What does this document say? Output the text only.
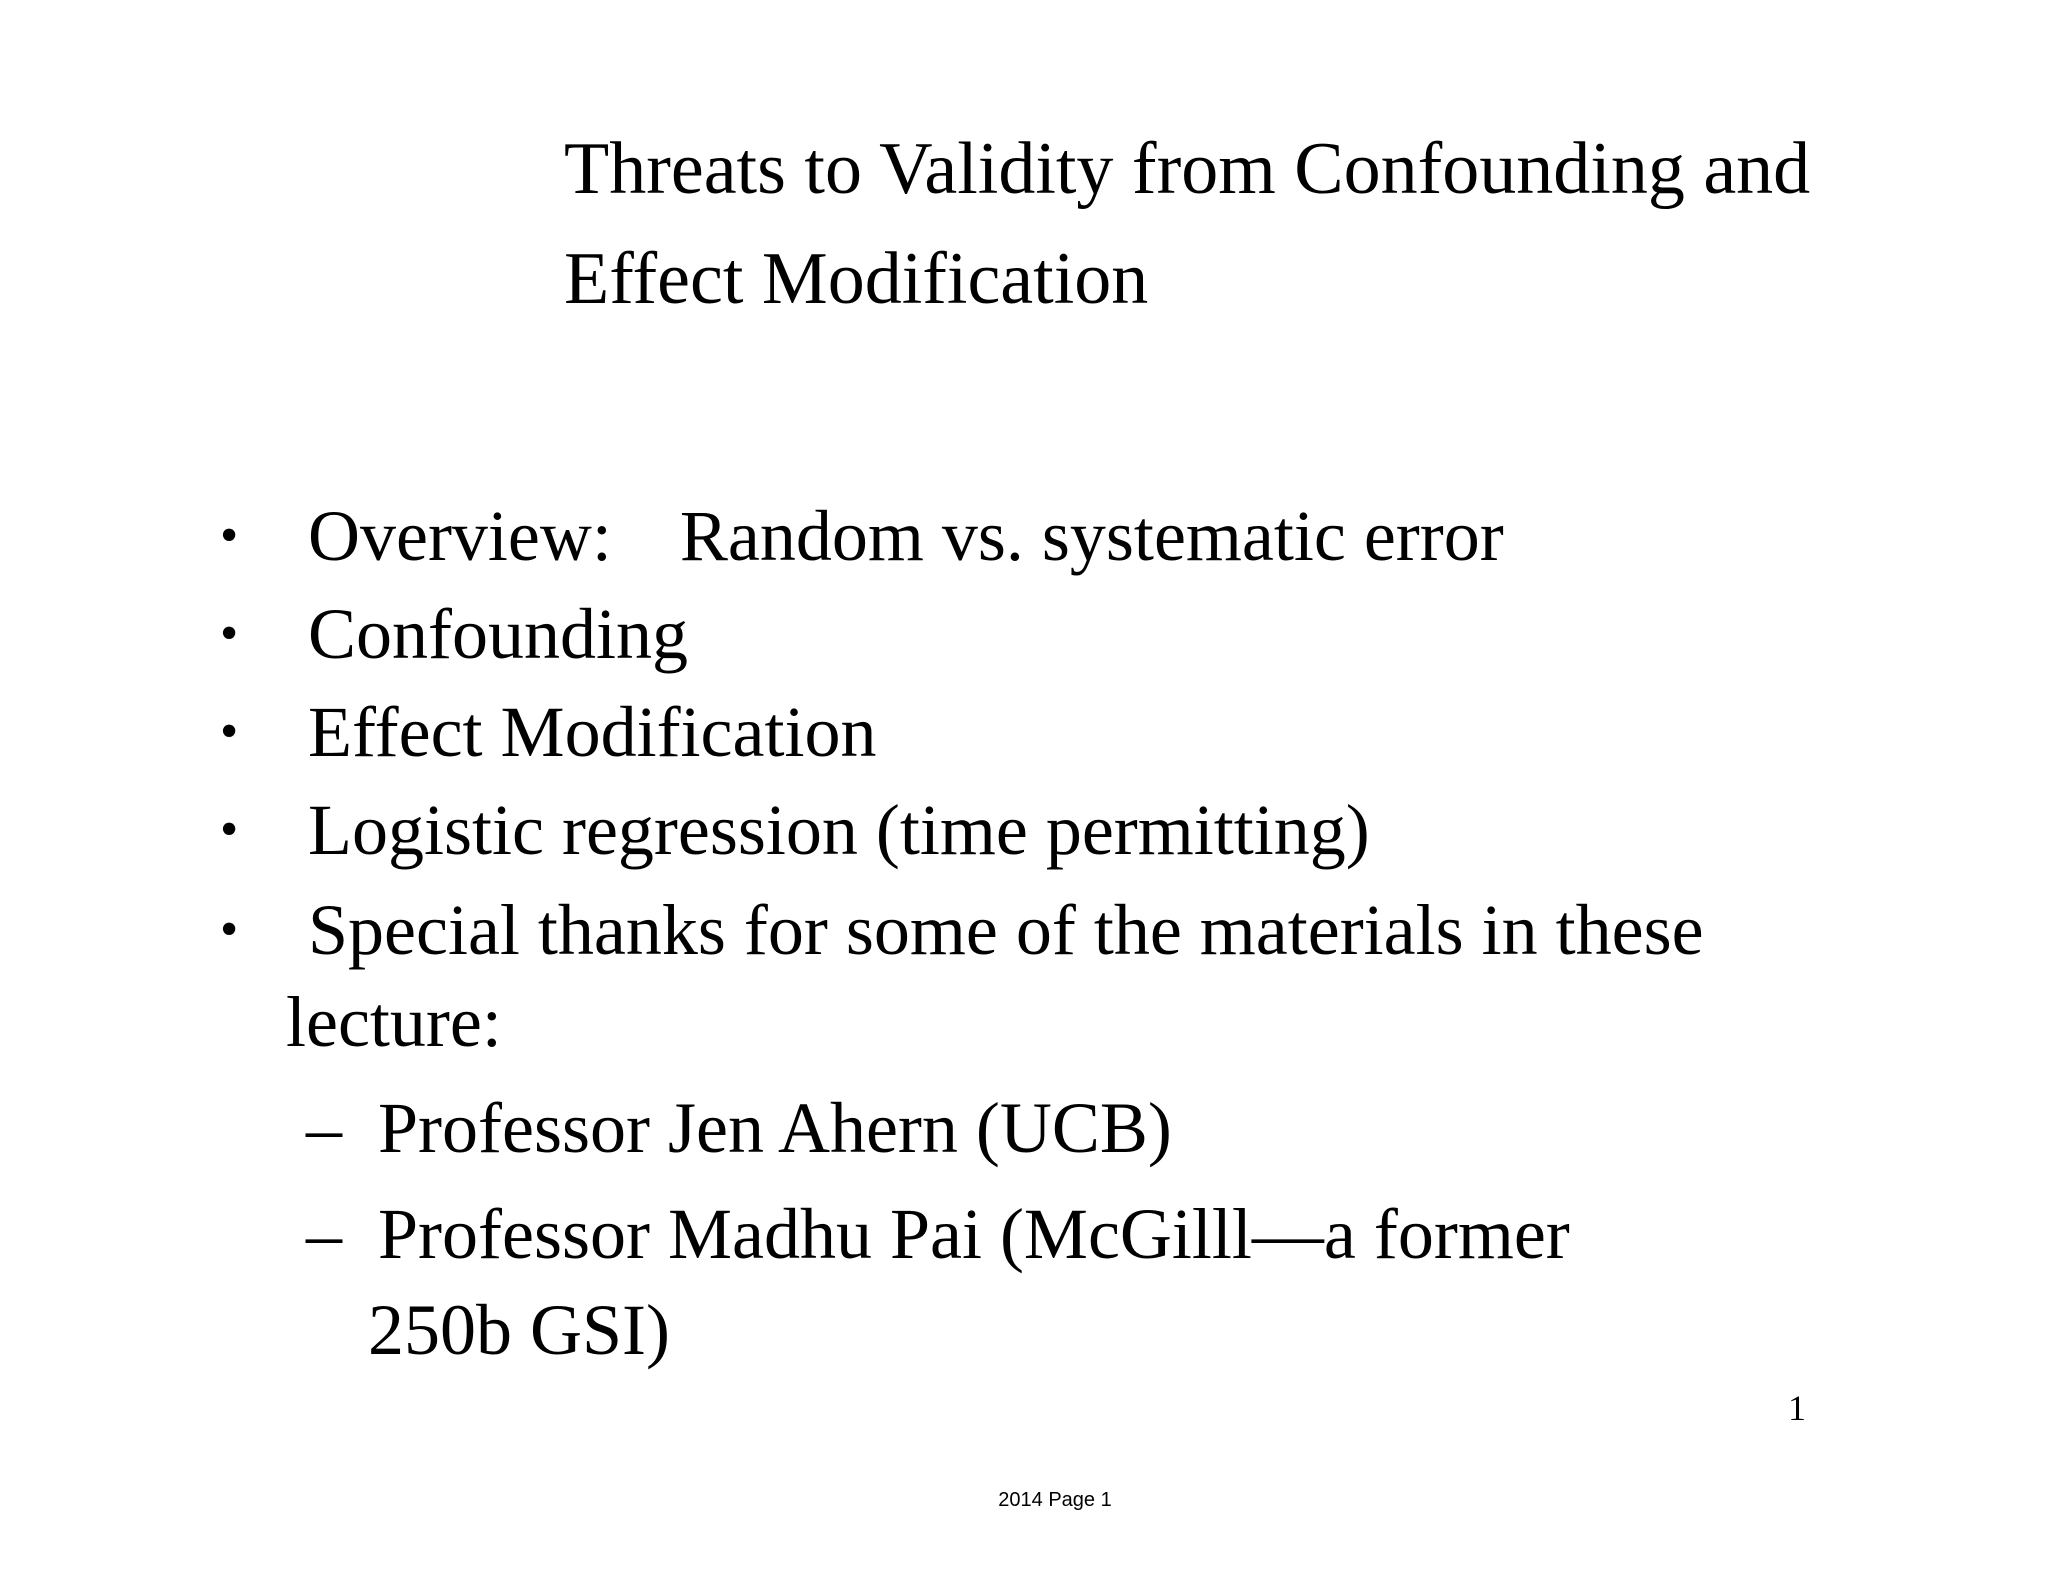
Threats to Validity from Confounding and
Effect Modification
• Overview: Random vs. systematic error
• Confounding
• Effect Modification
• Logistic regression (time permitting)
• Special thanks for some of the materials in these
lecture:
– Professor Jen Ahern (UCB)
– Professor Madhu Pai (McGilll—a former
250b GSI)
1
2014 Page 1
